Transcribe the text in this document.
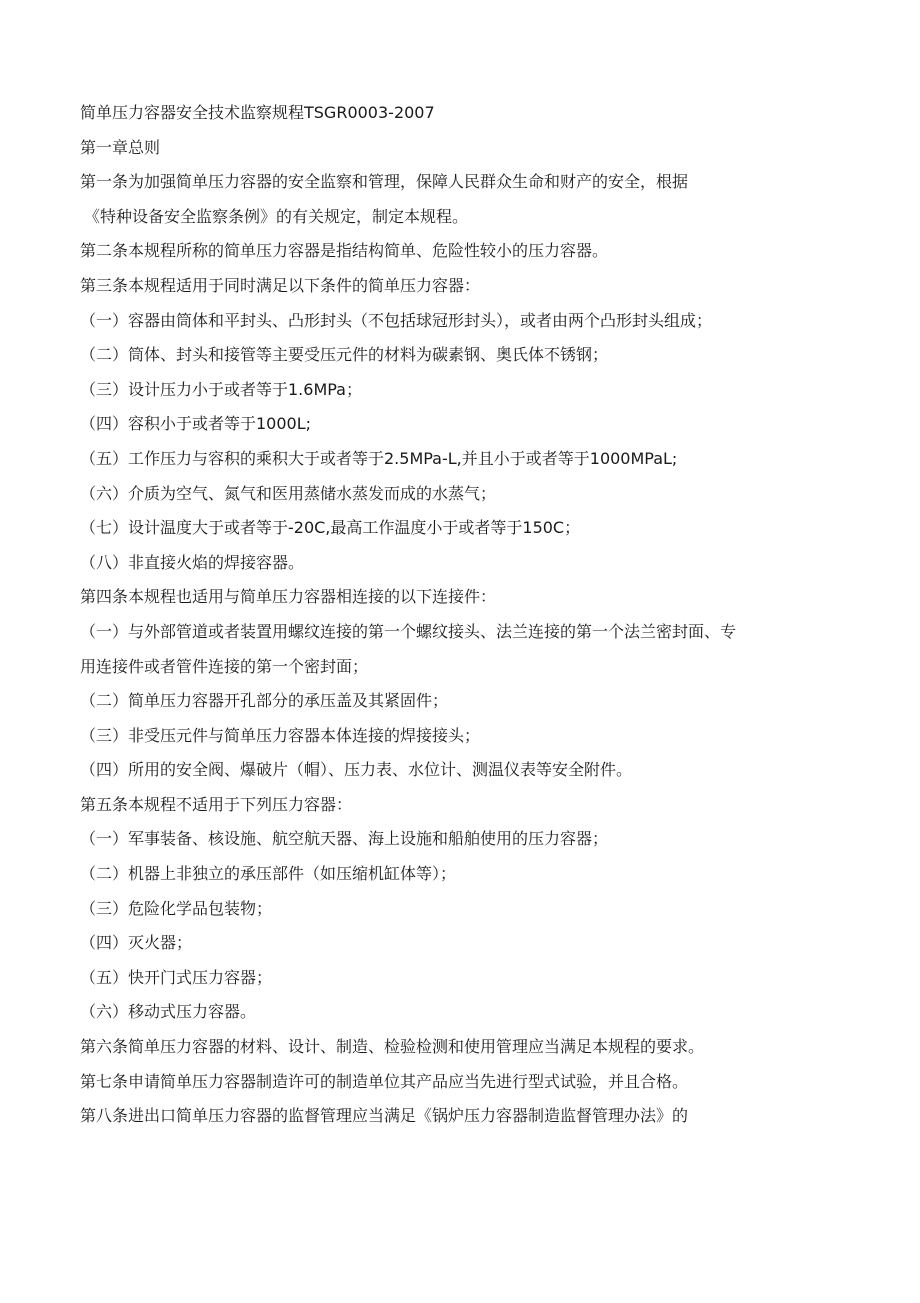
简单压力容器安全技术监察规程TSGR0003-2007
第一章总则
第一条为加强简单压力容器的安全监察和管理，保障人民群众生命和财产的安全，根据
《特种设备安全监察条例》的有关规定，制定本规程。
第二条本规程所称的简单压力容器是指结构简单、危险性较小的压力容器。
第三条本规程适用于同时满足以下条件的简单压力容器：
（一）容器由筒体和平封头、凸形封头（不包括球冠形封头），或者由两个凸形封头组成；
（二）筒体、封头和接管等主要受压元件的材料为碳素钢、奥氏体不锈钢；
（三）设计压力小于或者等于1.6MPa；
（四）容积小于或者等于1000L;
（五）工作压力与容积的乘积大于或者等于2.5MPa-L,并且小于或者等于1000MPaL;
（六）介质为空气、氮气和医用蒸储水蒸发而成的水蒸气；
（七）设计温度大于或者等于-20C,最高工作温度小于或者等于150C；
（八）非直接火焰的焊接容器。
第四条本规程也适用与简单压力容器相连接的以下连接件：
（一）与外部管道或者装置用螺纹连接的第一个螺纹接头、法兰连接的第一个法兰密封面、专
用连接件或者管件连接的第一个密封面；
（二）简单压力容器开孔部分的承压盖及其紧固件；
（三）非受压元件与简单压力容器本体连接的焊接接头；
（四）所用的安全阀、爆破片（帽）、压力表、水位计、测温仪表等安全附件。
第五条本规程不适用于下列压力容器：
（一）军事装备、核设施、航空航天器、海上设施和船舶使用的压力容器；
（二）机器上非独立的承压部件（如压缩机缸体等）；
（三）危险化学品包装物；
（四）灭火器；
（五）快开门式压力容器；
（六）移动式压力容器。
第六条简单压力容器的材料、设计、制造、检验检测和使用管理应当满足本规程的要求。
第七条申请简单压力容器制造许可的制造单位其产品应当先进行型式试验，并且合格。
第八条进出口简单压力容器的监督管理应当满足《锅炉压力容器制造监督管理办法》的
